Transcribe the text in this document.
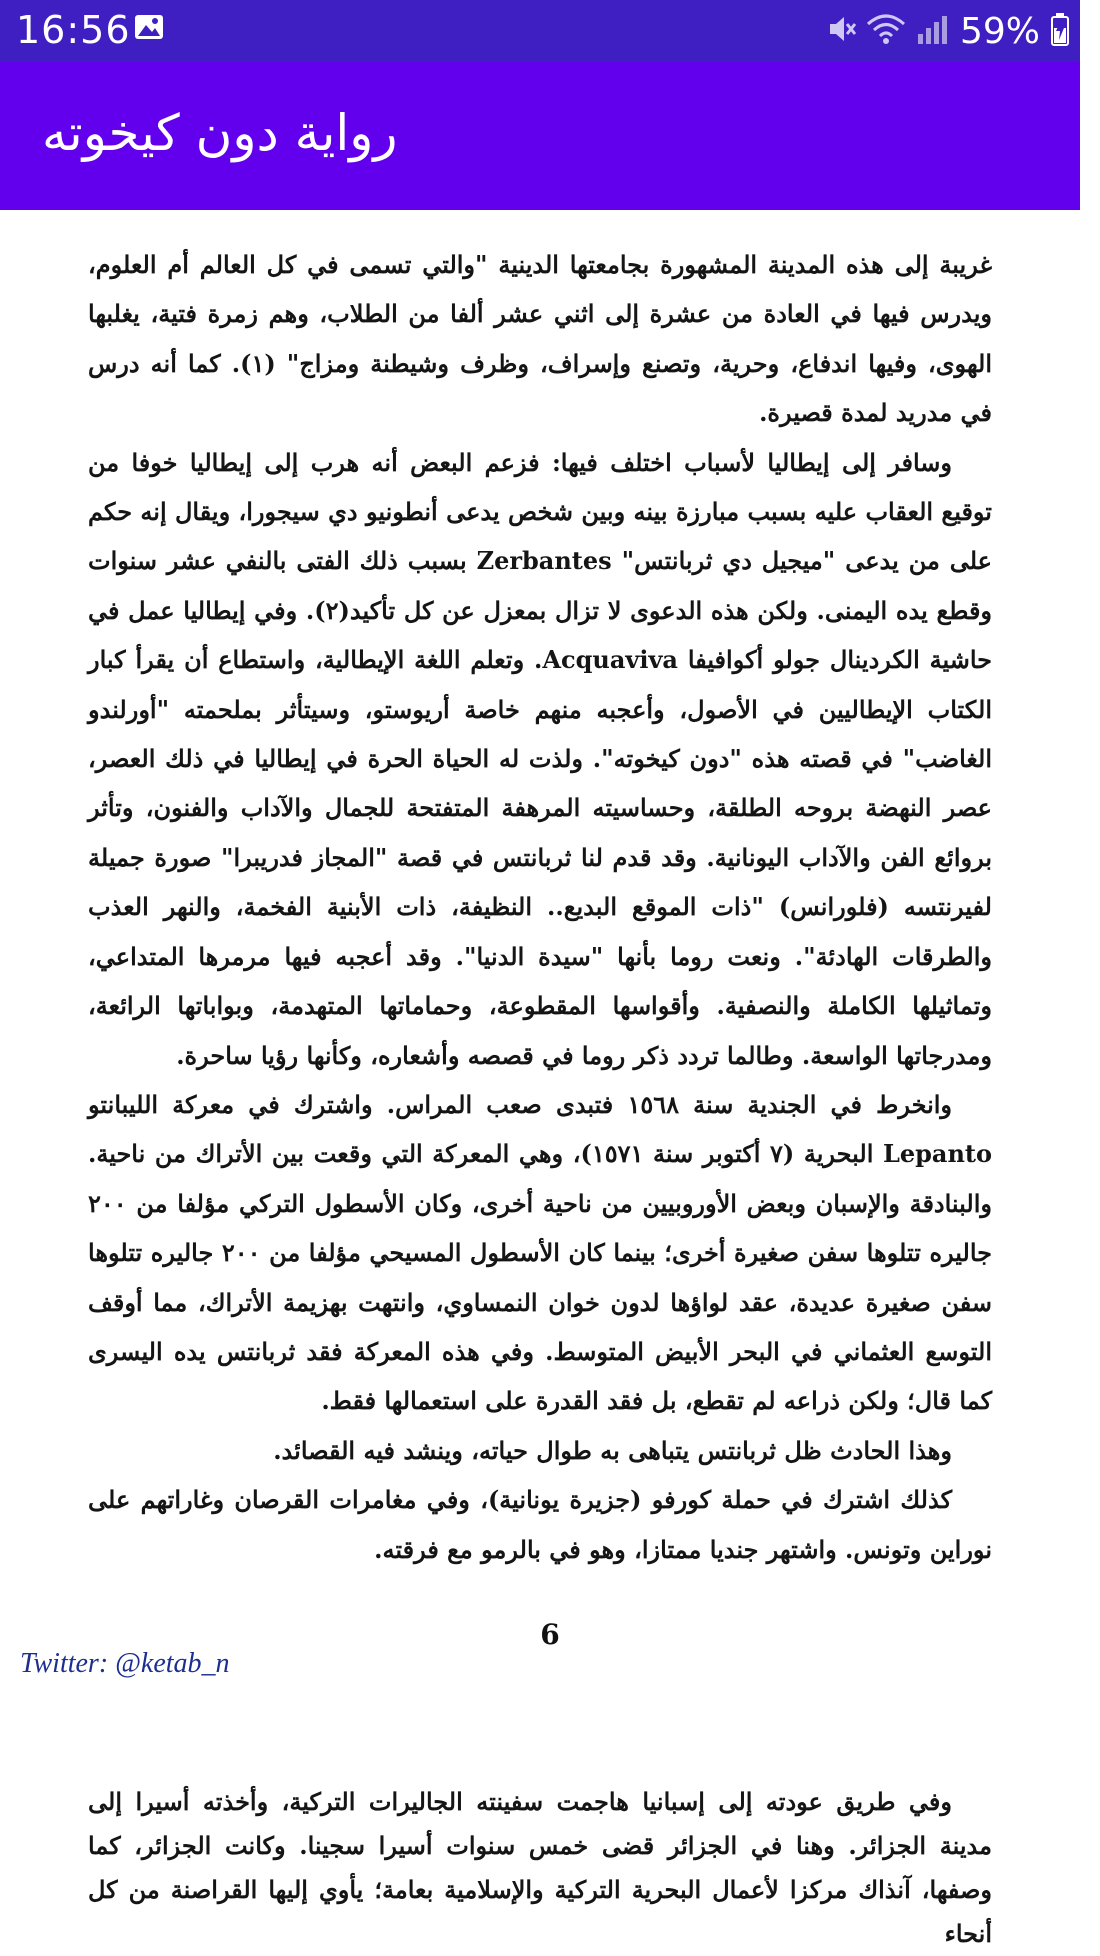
16:56	59%
رواية دون كيخوته

غريبة إلى هذه المدينة المشهورة بجامعتها الدينية "والتي تسمى في كل العالم أم العلوم، ويدرس فيها في العادة من عشرة إلى اثني عشر ألفا من الطلاب، وهم زمرة فتية، يغلبها الهوى، وفيها اندفاع، وحرية، وتصنع وإسراف، وظرف وشيطنة ومزاج" (١). كما أنه درس في مدريد لمدة قصيرة.

وسافر إلى إيطاليا لأسباب اختلف فيها: فزعم البعض أنه هرب إلى إيطاليا خوفا من توقيع العقاب عليه بسبب مبارزة بينه وبين شخص يدعى أنطونيو دي سيجورا، ويقال إنه حكم على من يدعى "ميجيل دي ثربانتس" Zerbantes بسبب ذلك الفتى بالنفي عشر سنوات وقطع يده اليمنى. ولكن هذه الدعوى لا تزال بمعزل عن كل تأكيد(٢). وفي إيطاليا عمل في حاشية الكردينال جولو أكوافيفا Acquaviva. وتعلم اللغة الإيطالية، واستطاع أن يقرأ كبار الكتاب الإيطاليين في الأصول، وأعجبه منهم خاصة أريوستو، وسيتأثر بملحمته "أورلندو الغاضب" في قصته هذه "دون كيخوته". ولذت له الحياة الحرة في إيطاليا في ذلك العصر، عصر النهضة بروحه الطلقة، وحساسيته المرهفة المتفتحة للجمال والآداب والفنون، وتأثر بروائع الفن والآداب اليونانية. وقد قدم لنا ثربانتس في قصة "المجاز فدريبرا" صورة جميلة لفيرنتسه (فلورانس) "ذات الموقع البديع.. النظيفة، ذات الأبنية الفخمة، والنهر العذب والطرقات الهادئة". ونعت روما بأنها "سيدة الدنيا". وقد أعجبه فيها مرمرها المتداعي، وتماثيلها الكاملة والنصفية. وأقواسها المقطوعة، وحماماتها المتهدمة، وبواباتها الرائعة، ومدرجاتها الواسعة. وطالما تردد ذكر روما في قصصه وأشعاره، وكأنها رؤيا ساحرة.

وانخرط في الجندية سنة ١٥٦٨ فتبدى صعب المراس. واشترك في معركة الليبانتو Lepanto البحرية (٧ أكتوبر سنة ١٥٧١)، وهي المعركة التي وقعت بين الأتراك من ناحية. والبنادقة والإسبان وبعض الأوروبيين من ناحية أخرى، وكان الأسطول التركي مؤلفا من ٢٠٠ جاليره تتلوها سفن صغيرة أخرى؛ بينما كان الأسطول المسيحي مؤلفا من ٢٠٠ جاليره تتلوها سفن صغيرة عديدة، عقد لواؤها لدون خوان النمساوي، وانتهت بهزيمة الأتراك، مما أوقف التوسع العثماني في البحر الأبيض المتوسط. وفي هذه المعركة فقد ثربانتس يده اليسرى كما قال؛ ولكن ذراعه لم تقطع، بل فقد القدرة على استعمالها فقط.

وهذا الحادث ظل ثربانتس يتباهى به طوال حياته، وينشد فيه القصائد.

كذلك اشترك في حملة كورفو (جزيرة يونانية)، وفي مغامرات القرصان وغاراتهم على نوراين وتونس. واشتهر جنديا ممتازا، وهو في بالرمو مع فرقته.

6
Twitter: @ketab_n

وفي طريق عودته إلى إسبانيا هاجمت سفينته الجاليرات التركية، وأخذته أسيرا إلى مدينة الجزائر. وهنا في الجزائر قضى خمس سنوات أسيرا سجينا. وكانت الجزائر، كما وصفها، آنذاك مركزا لأعمال البحرية التركية والإسلامية بعامة؛ يأوي إليها القراصنة من كل أنحاء
